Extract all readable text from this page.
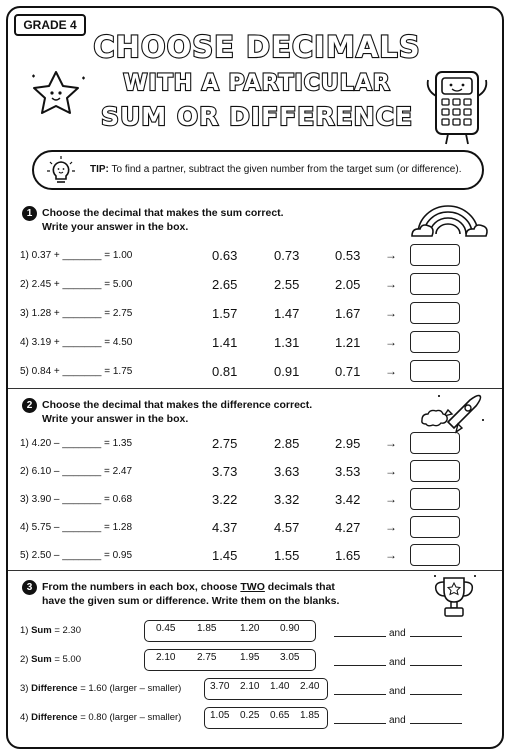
GRADE 4
CHOOSE DECIMALS
WITH A PARTICULAR
SUM OR DIFFERENCE
TIP: To find a partner, subtract the given number from the target sum (or difference).
1 Choose the decimal that makes the sum correct.
Write your answer in the box.
1) 0.37 + _______ = 1.00	0.63	0.73	0.53 →
2) 2.45 + _______ = 5.00	2.65	2.55	2.05 →
3) 1.28 + _______ = 2.75	1.57	1.47	1.67 →
4) 3.19 + _______ = 4.50	1.41	1.31	1.21 →
5) 0.84 + _______ = 1.75	0.81	0.91	0.71 →
2 Choose the decimal that makes the difference correct.
Write your answer in the box.
1) 4.20 – _______ = 1.35	2.75	2.85	2.95 →
2) 6.10 – _______ = 2.47	3.73	3.63	3.53 →
3) 3.90 – _______ = 0.68	3.22	3.32	3.42 →
4) 5.75 – _______ = 1.28	4.37	4.57	4.27 →
5) 2.50 – _______ = 0.95	1.45	1.55	1.65 →
3 From the numbers in each box, choose TWO decimals that
have the given sum or difference. Write them on the blanks.
1) Sum = 2.30	0.45 1.85 1.20 0.90	and
2) Sum = 5.00	2.10 2.75 1.95 3.05	and
3) Difference = 1.60 (larger – smaller)	3.70 2.10 1.40 2.40	and
4) Difference = 0.80 (larger – smaller)	1.05 0.25 0.65 1.85	and
